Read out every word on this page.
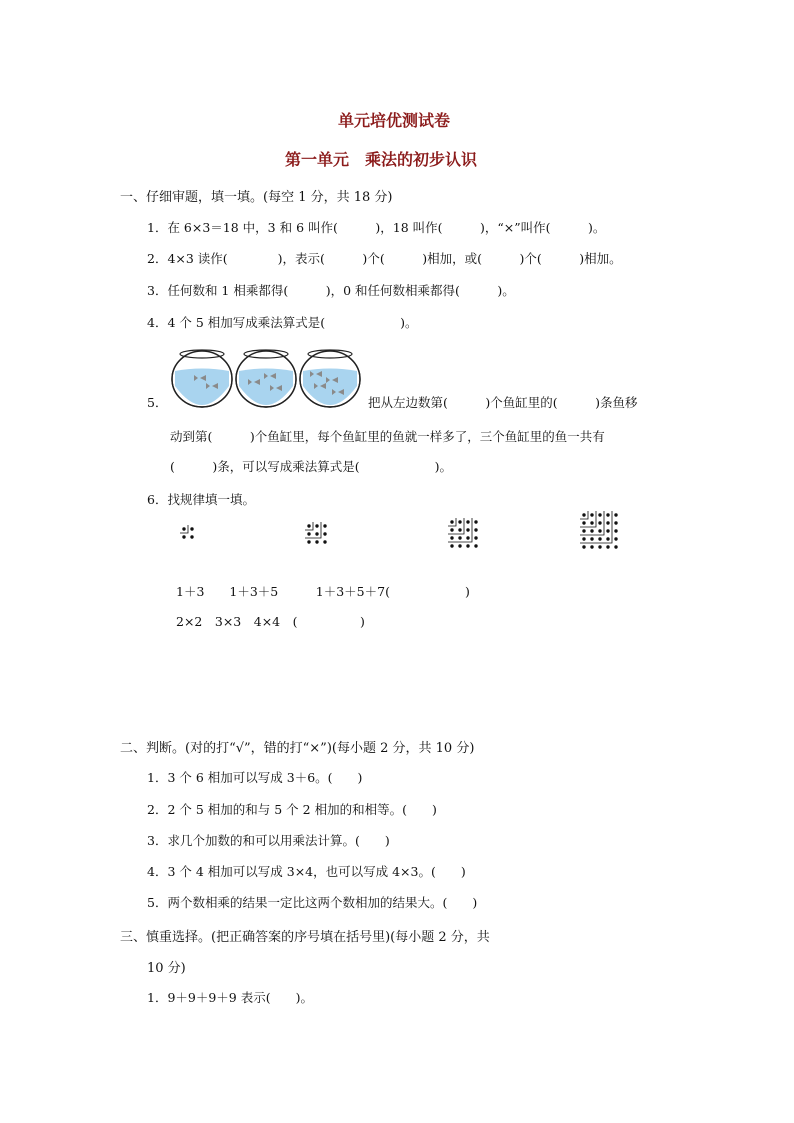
单元培优测试卷
第一单元　乘法的初步认识
一、仔细审题，填一填。(每空 1 分，共 18 分)
1．在 6×3＝18 中，3 和 6 叫作(　　　)，18 叫作(　　　)，“×”叫作(　　　)。
2．4×3 读作(　　　　)，表示(　　　)个(　　　)相加，或(　　　)个(　　　)相加。
3．任何数和 1 相乘都得(　　　)，0 和任何数相乘都得(　　　)。
4．4 个 5 相加写成乘法算式是(　　　　　　)。
5．	把从左边数第(　　　)个鱼缸里的(　　　)条鱼移
动到第(　　　)个鱼缸里，每个鱼缸里的鱼就一样多了，三个鱼缸里的鱼一共有
(　　　)条，可以写成乘法算式是(　　　　　　)。
6．找规律填一填。
1＋3　　1＋3＋5　　　1＋3＋5＋7(　　　　　　)
2×2　3×3　4×4　(　　　　　)
二、判断。(对的打“√”，错的打“×”)(每小题 2 分，共 10 分)
1．3 个 6 相加可以写成 3＋6。(　　)
2．2 个 5 相加的和与 5 个 2 相加的和相等。(　　)
3．求几个加数的和可以用乘法计算。(　　)
4．3 个 4 相加可以写成 3×4，也可以写成 4×3。(　　)
5．两个数相乘的结果一定比这两个数相加的结果大。(　　)
三、慎重选择。(把正确答案的序号填在括号里)(每小题 2 分，共
10 分)
1．9＋9＋9＋9 表示(　　)。
